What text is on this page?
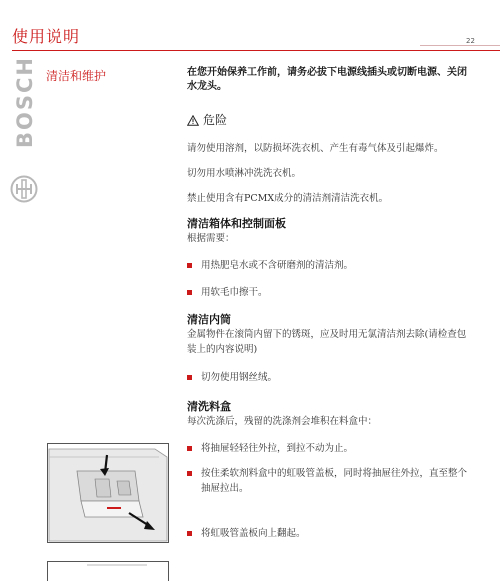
使用说明	22
BOSCH 清洁和维护	在您开始保养工作前，请务必拔下电源线插头或切断电源、关闭水龙头。
危险
请勿使用溶剂，以防损坏洗衣机、产生有毒气体及引起爆炸。
切勿用水喷淋冲洗洗衣机。
禁止使用含有PCMX成分的清洁剂清洁洗衣机。
清洁箱体和控制面板
根据需要：
用热肥皂水或不含研磨剂的清洁剂。
用软毛巾擦干。
清洁内筒
金属物件在滚筒内留下的锈斑，应及时用无氯清洁剂去除(请检查包装上的内容说明)
切勿使用钢丝绒。
清洗料盒
每次洗涤后，残留的洗涤剂会堆积在料盒中：
将抽屉轻轻往外拉，到拉不动为止。
按住柔软剂料盒中的虹吸管盖板，同时将抽屉往外拉，直至整个抽屉拉出。
将虹吸管盖板向上翻起。
